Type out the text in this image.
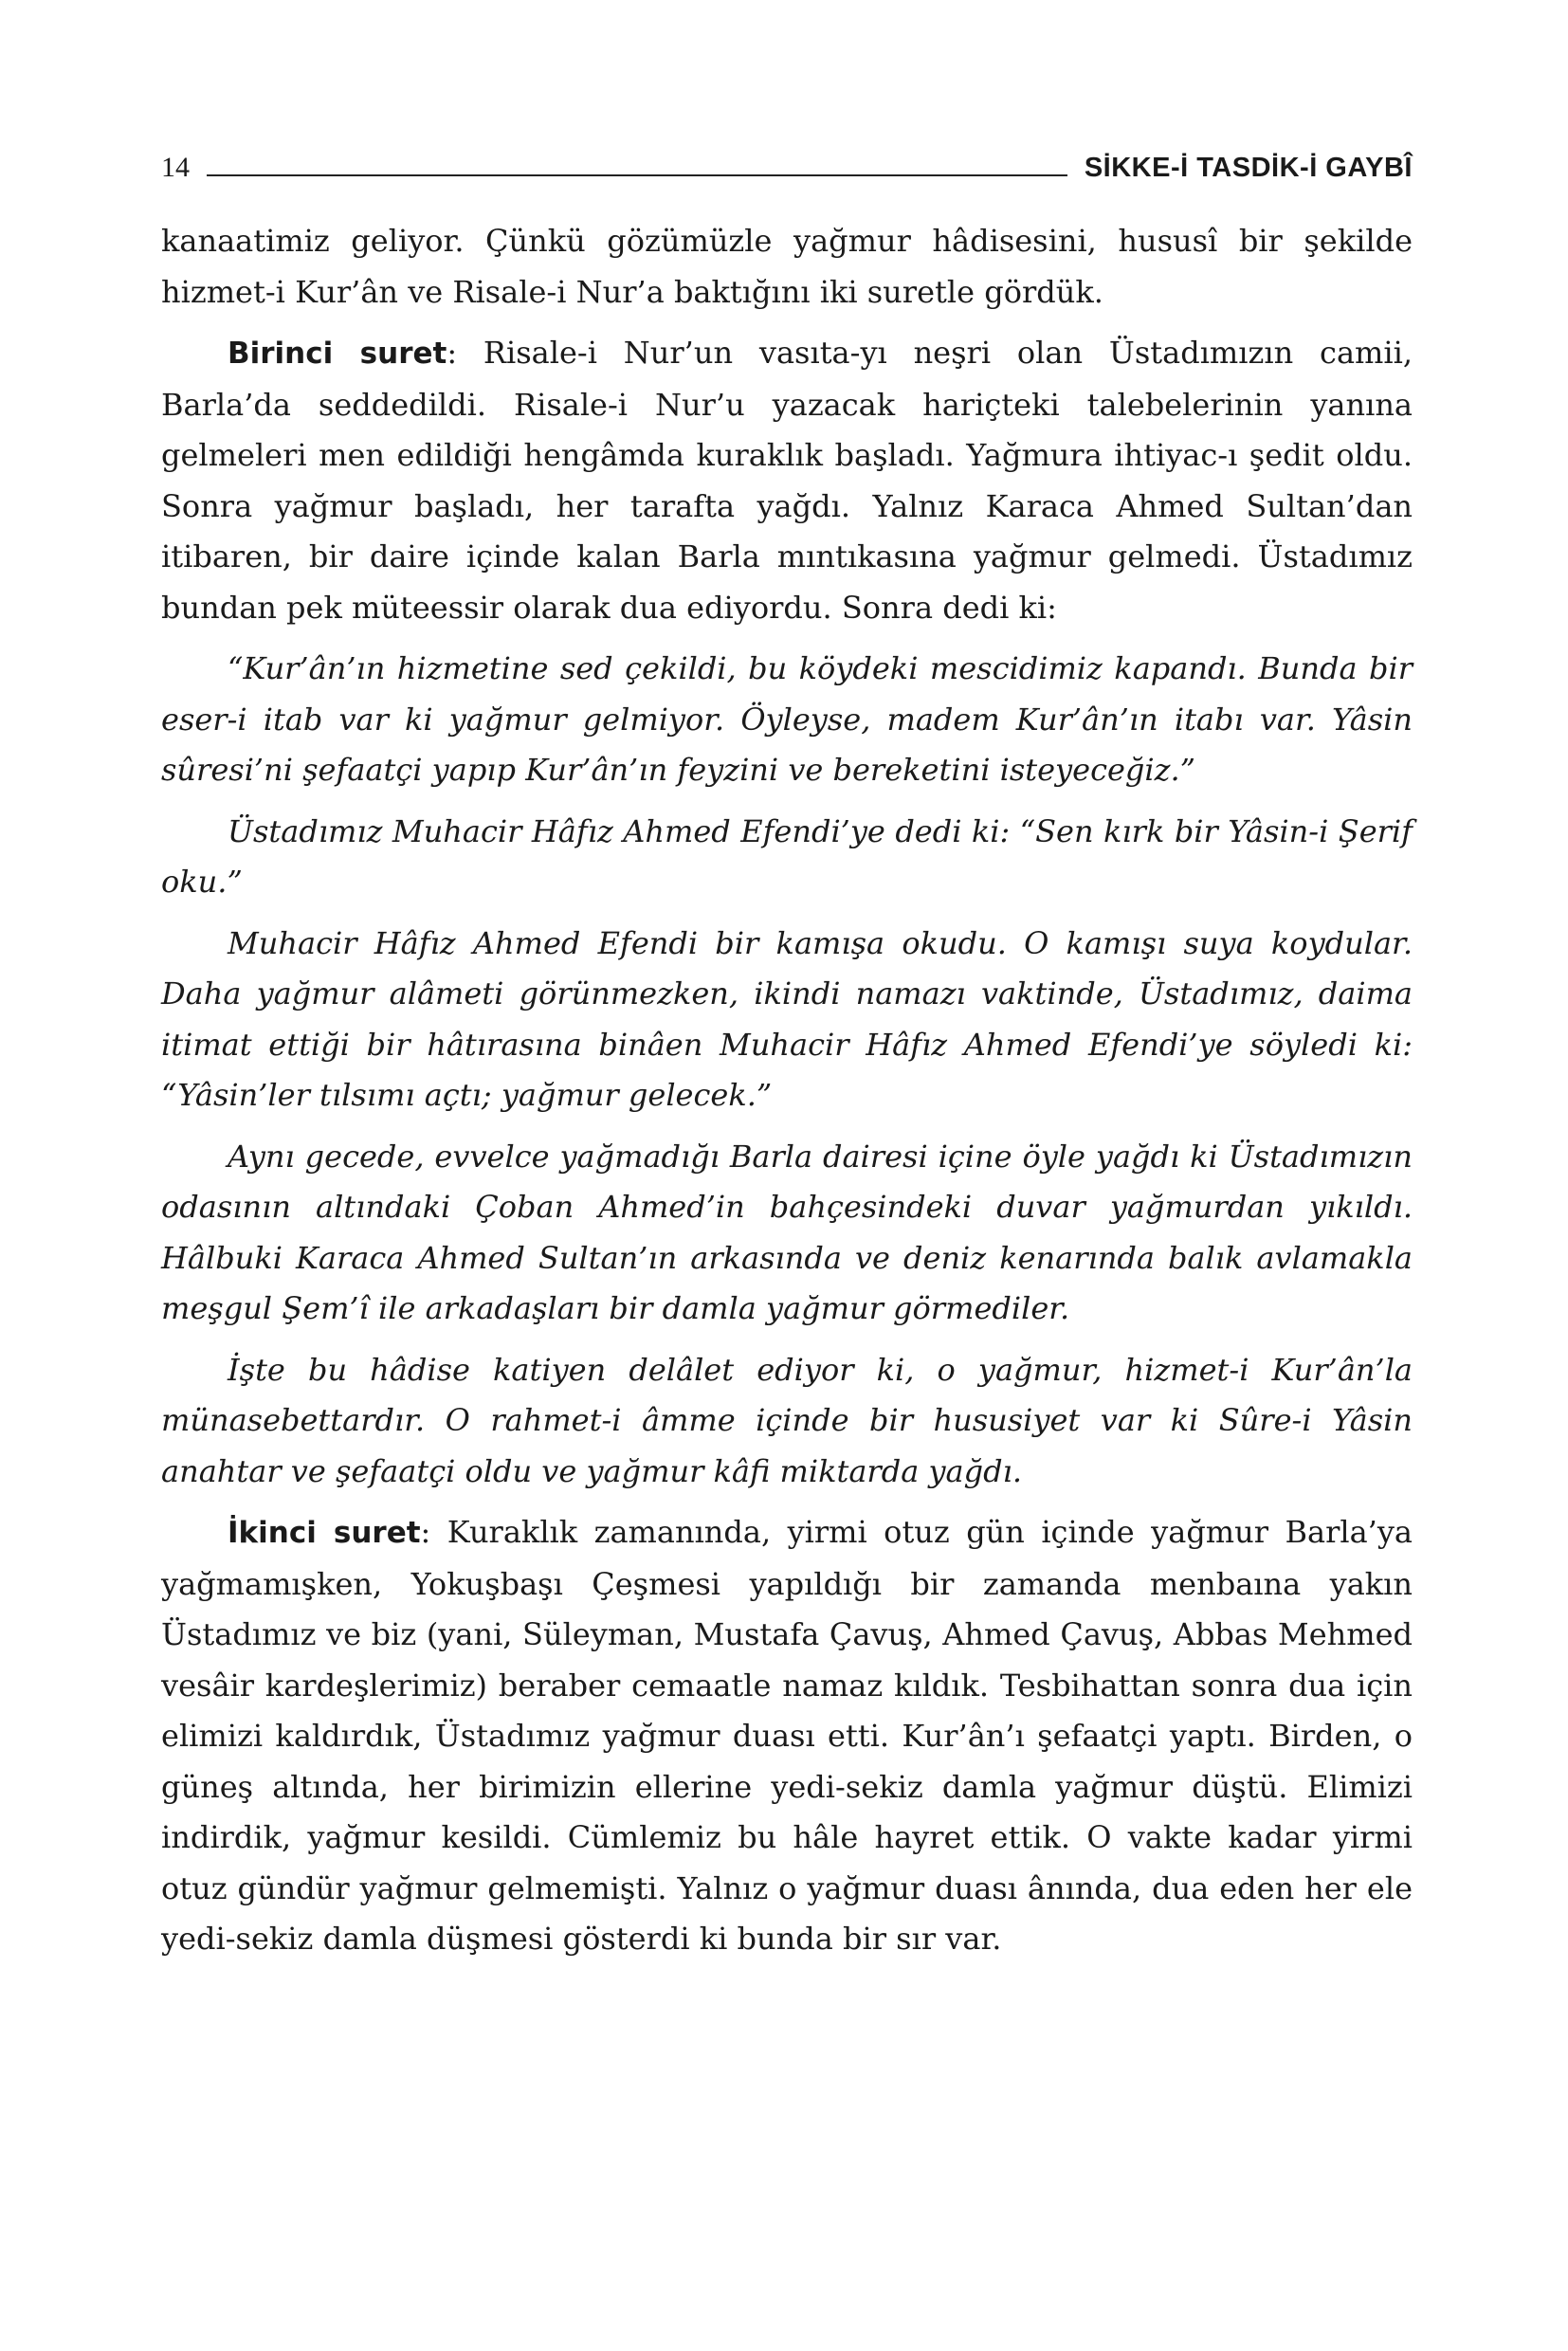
14	SİKKE-İ TASDİK-İ GAYBÎ

kanaatimiz geliyor. Çünkü gözümüzle yağmur hâdisesini, hususî bir şekilde hizmet-i Kur’ân ve Risale-i Nur’a baktığını iki suretle gördük.

Birinci suret: Risale-i Nur’un vasıta-yı neşri olan Üstadımızın camii, Barla’da seddedildi. Risale-i Nur’u yazacak hariçteki talebelerinin yanına gelmeleri men edildiği hengâmda kuraklık başladı. Yağmura ihtiyac-ı şedit oldu. Sonra yağmur başladı, her tarafta yağdı. Yalnız Karaca Ahmed Sultan’dan itibaren, bir daire içinde kalan Barla mıntıkasına yağmur gelmedi. Üstadımız bundan pek müteessir olarak dua ediyordu. Sonra dedi ki:

“Kur’ân’ın hizmetine sed çekildi, bu köydeki mescidimiz kapandı. Bunda bir eser-i itab var ki yağmur gelmiyor. Öyleyse, madem Kur’ân’ın itabı var. Yâsin sûresi’ni şefaatçi yapıp Kur’ân’ın feyzini ve bereketini isteyeceğiz.”

Üstadımız Muhacir Hâfız Ahmed Efendi’ye dedi ki: “Sen kırk bir Yâsin-i Şerif oku.”

Muhacir Hâfız Ahmed Efendi bir kamışa okudu. O kamışı suya koydular. Daha yağmur alâmeti görünmezken, ikindi namazı vaktinde, Üstadımız, daima itimat ettiği bir hâtırasına binâen Muhacir Hâfız Ahmed Efendi’ye söyledi ki: “Yâsin’ler tılsımı açtı; yağmur gelecek.”

Aynı gecede, evvelce yağmadığı Barla dairesi içine öyle yağdı ki Üstadımızın odasının altındaki Çoban Ahmed’in bahçesindeki duvar yağmurdan yıkıldı. Hâlbuki Karaca Ahmed Sultan’ın arkasında ve deniz kenarında balık avlamakla meşgul Şem’î ile arkadaşları bir damla yağmur görmediler.

İşte bu hâdise katiyen delâlet ediyor ki, o yağmur, hizmet-i Kur’ân’la münasebettardır. O rahmet-i âmme içinde bir hususiyet var ki Sûre-i Yâsin anahtar ve şefaatçi oldu ve yağmur kâfi miktarda yağdı.

İkinci suret: Kuraklık zamanında, yirmi otuz gün içinde yağmur Barla’ya yağmamışken, Yokuşbaşı Çeşmesi yapıldığı bir zamanda menbaına yakın Üstadımız ve biz (yani, Süleyman, Mustafa Çavuş, Ahmed Çavuş, Abbas Mehmed vesâir kardeşlerimiz) beraber cemaatle namaz kıldık. Tesbihattan sonra dua için elimizi kaldırdık, Üstadımız yağmur duası etti. Kur’ân’ı şefaatçi yaptı. Birden, o güneş altında, her birimizin ellerine yedi-sekiz damla yağmur düştü. Elimizi indirdik, yağmur kesildi. Cümlemiz bu hâle hayret ettik. O vakte kadar yirmi otuz gündür yağmur gelmemişti. Yalnız o yağmur duası ânında, dua eden her ele yedi-sekiz damla düşmesi gösterdi ki bunda bir sır var.
